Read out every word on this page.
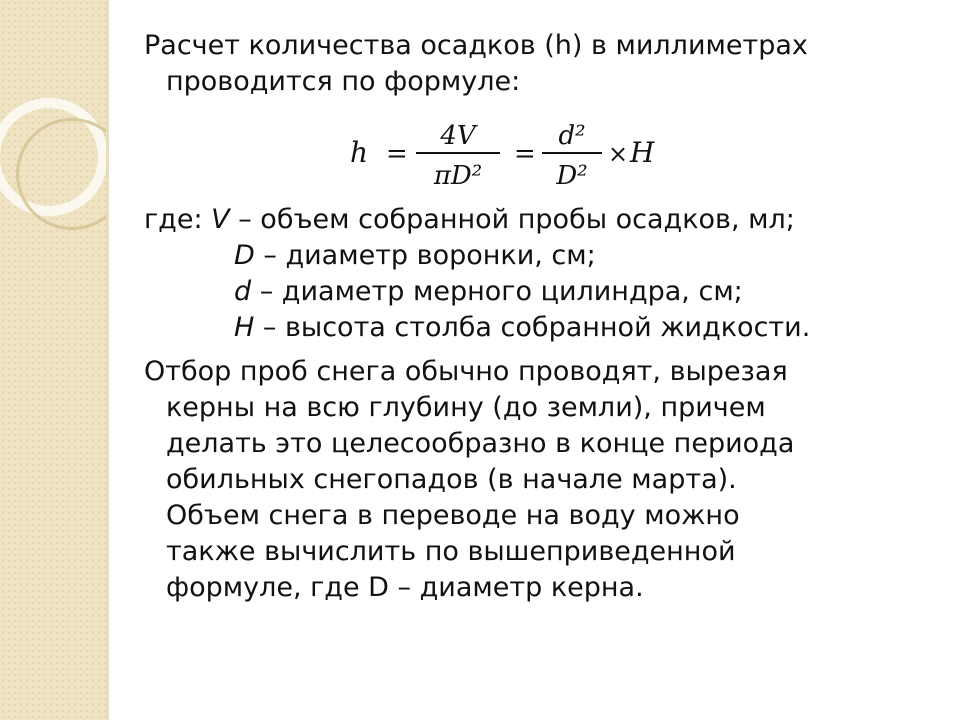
Расчет количества осадков (h) в миллиметрах
проводится по формуле:

h =
4V
πD²
=
d²
D²
× H
где: V – объем собранной пробы осадков, мл;
D – диаметр воронки, см;
d – диаметр мерного цилиндра, см;
H – высота столба собранной жидкости.

Отбор проб снега обычно проводят, вырезая
керны на всю глубину (до земли), причем
делать это целесообразно в конце периода
обильных снегопадов (в начале марта).
Объем снега в переводе на воду можно
также вычислить по вышеприведенной
формуле, где D – диаметр керна.
